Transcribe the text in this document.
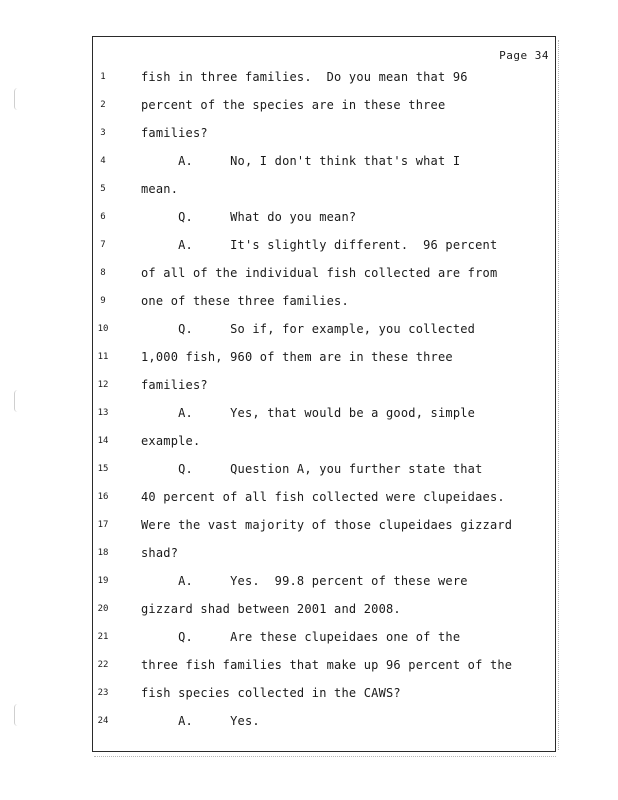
Page 34
1	fish in three families.  Do you mean that 96
2	percent of the species are in these three
3	families?
4	A.     No, I don't think that's what I
5	mean.
6	Q.     What do you mean?
7	A.     It's slightly different.  96 percent
8	of all of the individual fish collected are from
9	one of these three families.
10	Q.     So if, for example, you collected
11	1,000 fish, 960 of them are in these three
12	families?
13	A.     Yes, that would be a good, simple
14	example.
15	Q.     Question A, you further state that
16	40 percent of all fish collected were clupeidaes.
17	Were the vast majority of those clupeidaes gizzard
18	shad?
19	A.     Yes.  99.8 percent of these were
20	gizzard shad between 2001 and 2008.
21	Q.     Are these clupeidaes one of the
22	three fish families that make up 96 percent of the
23	fish species collected in the CAWS?
24	A.     Yes.
